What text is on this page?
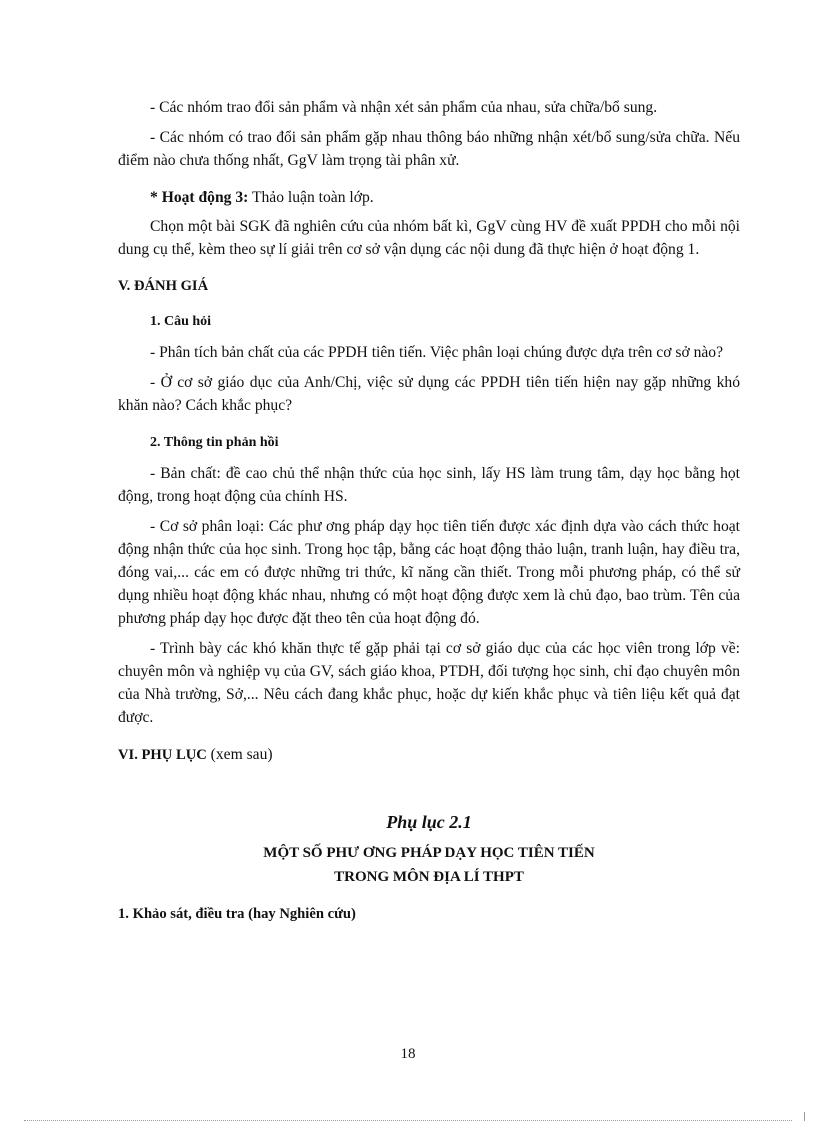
- Các nhóm trao đổi sản phẩm và nhận xét sản phẩm của nhau, sửa chữa/bổ sung.

- Các nhóm có trao đổi sản phẩm gặp nhau thông báo những nhận xét/bổ sung/sửa chữa. Nếu điểm nào chưa thống nhất, GgV làm trọng tài phân xử.

* Hoạt động 3: Thảo luận toàn lớp.

Chọn một bài SGK đã nghiên cứu của nhóm bất kì, GgV cùng HV đề xuất PPDH cho mỗi nội dung cụ thể, kèm theo sự lí giải trên cơ sở vận dụng các nội dung đã thực hiện ở hoạt động 1.

V. ĐÁNH GIÁ

1. Câu hỏi

- Phân tích bản chất của các PPDH tiên tiến. Việc phân loại chúng được dựa trên cơ sở nào?

- Ở cơ sở giáo dục của Anh/Chị, việc sử dụng các PPDH tiên tiến hiện nay gặp những khó khăn nào? Cách khắc phục?

2. Thông tin phản hồi

- Bản chất: đề cao chủ thể nhận thức của học sinh, lấy HS làm trung tâm, dạy học bằng họt động, trong hoạt động của chính HS.

- Cơ sở phân loại: Các phư ơng pháp dạy học tiên tiến được xác định dựa vào cách thức hoạt động nhận thức của học sinh. Trong học tập, bằng các hoạt động thảo luận, tranh luận, hay điều tra, đóng vai,... các em có được những tri thức, kĩ năng cần thiết. Trong mỗi phương pháp, có thể sử dụng nhiều hoạt động khác nhau, nhưng có một hoạt động được xem là chủ đạo, bao trùm. Tên của phương pháp dạy học được đặt theo tên của hoạt động đó.

- Trình bày các khó khăn thực tế gặp phải tại cơ sở giáo dục của các học viên trong lớp về: chuyên môn và nghiệp vụ của GV, sách giáo khoa, PTDH, đối tượng học sinh, chỉ đạo chuyên môn của Nhà trường, Sở,... Nêu cách đang khắc phục, hoặc dự kiến khắc phục và tiên liệu kết quả đạt được.

VI. PHỤ LỤC (xem sau)

Phụ lục 2.1

MỘT SỐ PHƯ ƠNG PHÁP DẠY HỌC TIÊN TIẾN

TRONG MÔN ĐỊA LÍ THPT

1. Khảo sát, điều tra (hay Nghiên cứu)

18
